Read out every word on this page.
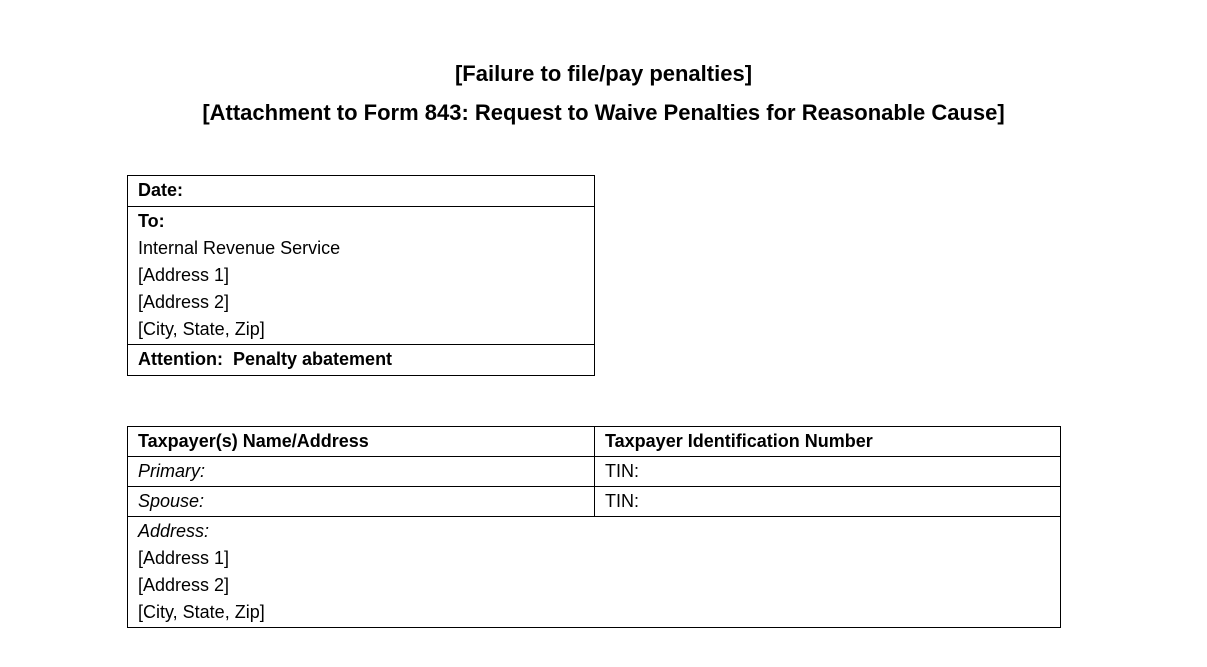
[Failure to file/pay penalties]
[Attachment to Form 843: Request to Waive Penalties for Reasonable Cause]
Date:

To:
Internal Revenue Service
[Address 1]
[Address 2]
[City, State, Zip]

Attention: Penalty abatement
Taxpayer(s) Name/Address	Taxpayer Identification Number
Primary:	TIN:
Spouse:	TIN:

Address:
[Address 1]
[Address 2]
[City, State, Zip]	
